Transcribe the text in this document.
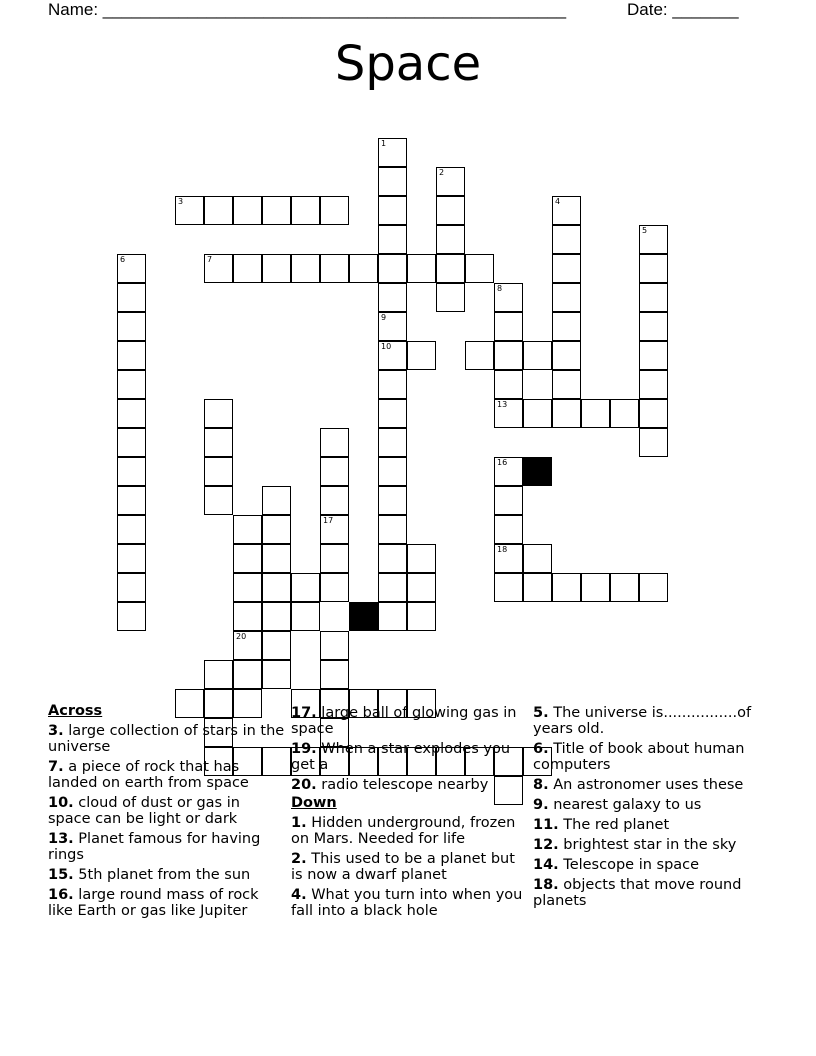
Name: _________________________________________________	Date: _______
Space
1
2
3	4
5
6	7
8
13
9
10
17
16
18
20
Across
3. large collection of stars in the universe
7. a piece of rock that has landed on earth from space
10. cloud of dust or gas in space can be light or dark
13. Planet famous for having rings
15. 5th planet from the sun
16. large round mass of rock like Earth or gas like Jupiter
17. large ball of glowing gas in space
19. When a star explodes you get a
20. radio telescope nearby
Down
1. Hidden underground, frozen on Mars. Needed for life
2. This used to be a planet but is now a dwarf planet
4. What you turn into when you fall into a black hole
5. The universe is................of years old.
6. Title of book about human computers
8. An astronomer uses these
9. nearest galaxy to us
11. The red planet
12. brightest star in the sky
14. Telescope in space
18. objects that move round planets
